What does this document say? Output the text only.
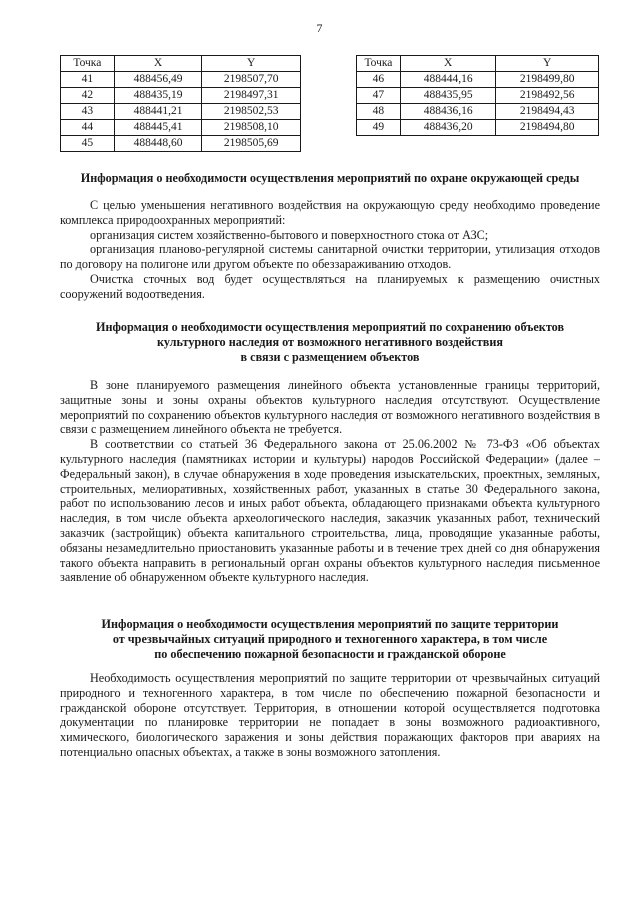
7
Точка	X	Y
41	488456,49	2198507,70
42	488435,19	2198497,31
43	488441,21	2198502,53
44	488445,41	2198508,10
45	488448,60	2198505,69
Точка	X	Y
46	488444,16	2198499,80
47	488435,95	2198492,56
48	488436,16	2198494,43
49	488436,20	2198494,80
Информация о необходимости осуществления мероприятий по охране окружающей среды

С целью уменьшения негативного воздействия на окружающую среду необходимо проведение комплекса природоохранных мероприятий:

организация систем хозяйственно-бытового и поверхностного стока от АЗС;

организация планово-регулярной системы санитарной очистки территории, утилизация отходов по договору на полигоне или другом объекте по обеззараживанию отходов.

Очистка сточных вод будет осуществляться на планируемых к размещению очистных сооружений водоотведения.

Информация о необходимости осуществления мероприятий по сохранению объектов
культурного наследия от возможного негативного воздействия
в связи с размещением объектов

В зоне планируемого размещения линейного объекта установленные границы территорий, защитные зоны и зоны охраны объектов культурного наследия отсутствуют. Осуществление мероприятий по сохранению объектов культурного наследия от возможного негативного воздействия в связи с размещением линейного объекта не требуется.

В соответствии со статьей 36 Федерального закона от 25.06.2002 № 73-ФЗ «Об объектах культурного наследия (памятниках истории и культуры) народов Российской Федерации» (далее – Федеральный закон), в случае обнаружения в ходе проведения изыскательских, проектных, земляных, строительных, мелиоративных, хозяйственных работ, указанных в статье 30 Федерального закона, работ по использованию лесов и иных работ объекта, обладающего признаками объекта культурного наследия, в том числе объекта археологического наследия, заказчик указанных работ, технический заказчик (застройщик) объекта капитального строительства, лица, проводящие указанные работы, обязаны незамедлительно приостановить указанные работы и в течение трех дней со дня обнаружения такого объекта направить в региональный орган охраны объектов культурного наследия письменное заявление об обнаруженном объекте культурного наследия.

Информация о необходимости осуществления мероприятий по защите территории
от чрезвычайных ситуаций природного и техногенного характера, в том числе
по обеспечению пожарной безопасности и гражданской обороне

Необходимость осуществления мероприятий по защите территории от чрезвычайных ситуаций природного и техногенного характера, в том числе по обеспечению пожарной безопасности и гражданской обороне отсутствует. Территория, в отношении которой осуществляется подготовка документации по планировке территории не попадает в зоны возможного радиоактивного, химического, биологического заражения и зоны действия поражающих факторов при авариях на потенциально опасных объектах, а также в зоны возможного затопления.
